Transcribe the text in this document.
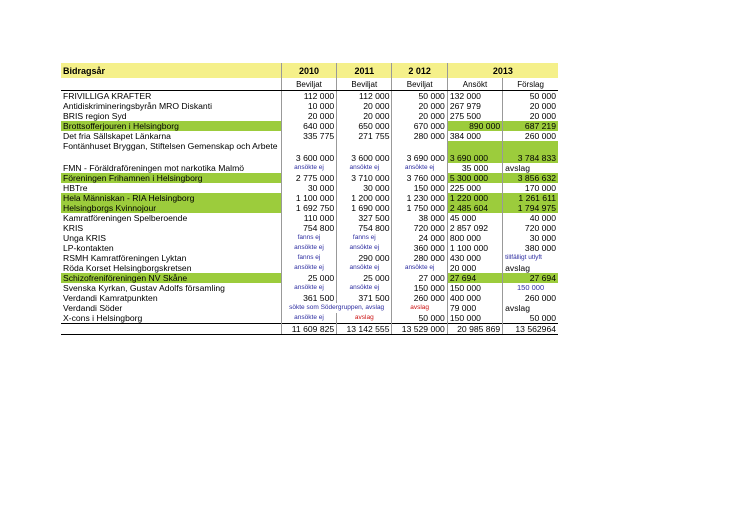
Bidragsår	2010	2011	2 012	2013	
	Beviljat	Beviljat	Beviljat	Ansökt	Förslag
FRIVILLIGA KRAFTER	112 000	112 000	50 000	132 000	50 000
Antidiskrimineringsbyrån MRO Diskanti	10 000	20 000	20 000	267 979	20 000
BRIS region Syd	20 000	20 000	20 000	275 500	20 000
Brottsofferjouren i Helsingborg	640 000	650 000	670 000	890 000	687 219
Det fria Sällskapet Länkarna	335 775	271 755	280 000	384 000	260 000
Fontänhuset Bryggan, Stiftelsen Gemenskap och Arbete	3 600 000	3 600 000	3 690 000	3 690 000	3 784 833
FMN - Föräldraföreningen mot narkotika Malmö	ansökte ej	ansökte ej	ansökte ej	35 000	avslag
Föreningen Frihamnen i Helsingborg	2 775 000	3 710 000	3 760 000	5 300 000	3 856 632
HBTre	30 000	30 000	150 000	225 000	170 000
Hela Människan - RIA Helsingborg	1 100 000	1 200 000	1 230 000	1 220 000	1 261 611
Helsingborgs Kvinnojour	1 692 750	1 690 000	1 750 000	2 485 604	1 794 975
Kamratföreningen Spelberoende	110 000	327 500	38 000	45 000	40 000
KRIS	754 800	754 800	720 000	2 857 092	720 000
Unga KRIS	fanns ej	fanns ej	24 000	800 000	30 000
LP-kontakten	ansökte ej	ansökte ej	360 000	1 100 000	380 000
RSMH Kamratföreningen Lyktan	fanns ej	290 000	280 000	430 000	tillfälligt utlyft
Röda Korset Helsingborgskretsen	ansökte ej	ansökte ej	ansökte ej	20 000	avslag
Schizofreniföreningen NV Skåne	25 000	25 000	27 000	27 694	27 694
Svenska Kyrkan, Gustav Adolfs församling	ansökte ej	ansökte ej	150 000	150 000	150 000
Verdandi Kamratpunkten	361 500	371 500	260 000	400 000	260 000
Verdandi Söder	sökte som Södergruppen, avslag		avslag	79 000	avslag
X-cons i Helsingborg	ansökte ej	avslag	50 000	150 000	50 000
	11 609 825	13 142 555	13 529 000	20 985 869	13 562964
